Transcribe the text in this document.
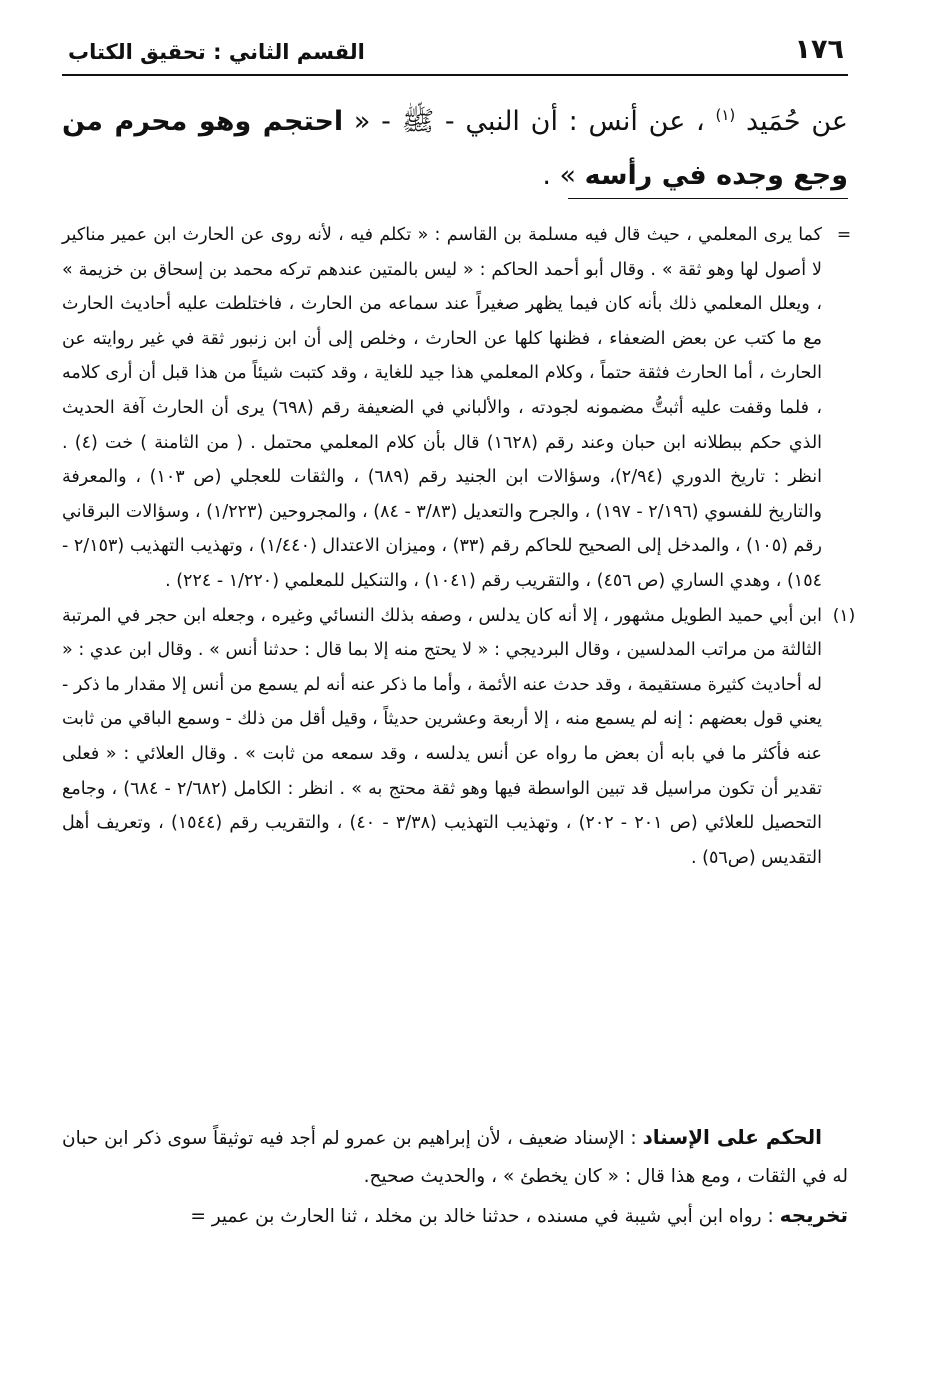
١٧٦
القسم الثاني : تحقيق الكتاب
عن حُمَيد $^{(١)}$ ، عن أنس : أن النبي - ﷺ - « احتجم وهو محرم من وجع وجده في رأسه » .
=
كما يرى المعلمي ، حيث قال فيه مسلمة بن القاسم : « تكلم فيه ، لأنه روى عن الحارث ابن عمير مناكير لا أصول لها وهو ثقة » . وقال أبو أحمد الحاكم : « ليس بالمتين عندهم تركه محمد بن إسحاق بن خزيمة » ، ويعلل المعلمي ذلك بأنه كان فيما يظهر صغيراً عند سماعه من الحارث ، فاختلطت عليه أحاديث الحارث مع ما كتب عن بعض الضعفاء ، فظنها كلها عن الحارث ، وخلص إلى أن ابن زنبور ثقة في غير روايته عن الحارث ، أما الحارث فثقة حتماً ، وكلام المعلمي هذا جيد للغاية ، وقد كتبت شيئاً من هذا قبل أن أرى كلامه ، فلما وقفت عليه أثبتُّ مضمونه لجودته ، والألباني في الضعيفة رقم (٦٩٨) يرى أن الحارث آفة الحديث الذي حكم ببطلانه ابن حبان وعند رقم (١٦٢٨) قال بأن كلام المعلمي محتمل . ( من الثامنة ) خت (٤) . انظر : تاريخ الدوري (٢/٩٤)، وسؤالات ابن الجنيد رقم (٦٨٩) ، والثقات للعجلي (ص ١٠٣) ، والمعرفة والتاريخ للفسوي (٢/١٩٦ - ١٩٧) ، والجرح والتعديل (٣/٨٣ - ٨٤) ، والمجروحين (١/٢٢٣) ، وسؤالات البرقاني رقم (١٠٥) ، والمدخل إلى الصحيح للحاكم رقم (٣٣) ، وميزان الاعتدال (١/٤٤٠) ، وتهذيب التهذيب (٢/١٥٣ - ١٥٤) ، وهدي الساري (ص ٤٥٦) ، والتقريب رقم (١٠٤١) ، والتنكيل للمعلمي (١/٢٢٠ - ٢٢٤) .
(١)
ابن أبي حميد الطويل مشهور ، إلا أنه كان يدلس ، وصفه بذلك النسائي وغيره ، وجعله ابن حجر في المرتبة الثالثة من مراتب المدلسين ، وقال البرديجي : « لا يحتج منه إلا بما قال : حدثنا أنس » . وقال ابن عدي : « له أحاديث كثيرة مستقيمة ، وقد حدث عنه الأئمة ، وأما ما ذكر عنه أنه لم يسمع من أنس إلا مقدار ما ذكر - يعني قول بعضهم : إنه لم يسمع منه ، إلا أربعة وعشرين حديثاً ، وقيل أقل من ذلك - وسمع الباقي من ثابت عنه فأكثر ما في بابه أن بعض ما رواه عن أنس يدلسه ، وقد سمعه من ثابت » . وقال العلائي : « فعلى تقدير أن تكون مراسيل قد تبين الواسطة فيها وهو ثقة محتج به » . انظر : الكامل (٢/٦٨٢ - ٦٨٤) ، وجامع التحصيل للعلائي (ص ٢٠١ - ٢٠٢) ، وتهذيب التهذيب (٣/٣٨ - ٤٠) ، والتقريب رقم (١٥٤٤) ، وتعريف أهل التقديس (ص٥٦) .

الحكم على الإسناد : الإسناد ضعيف ، لأن إبراهيم بن عمرو لم أجد فيه توثيقاً سوى ذكر ابن حبان له في الثقات ، ومع هذا قال : « كان يخطئ » ، والحديث صحيح.

تخريجه : رواه ابن أبي شيبة في مسنده ، حدثنا خالد بن مخلد ، ثنا الحارث بن عمير =
